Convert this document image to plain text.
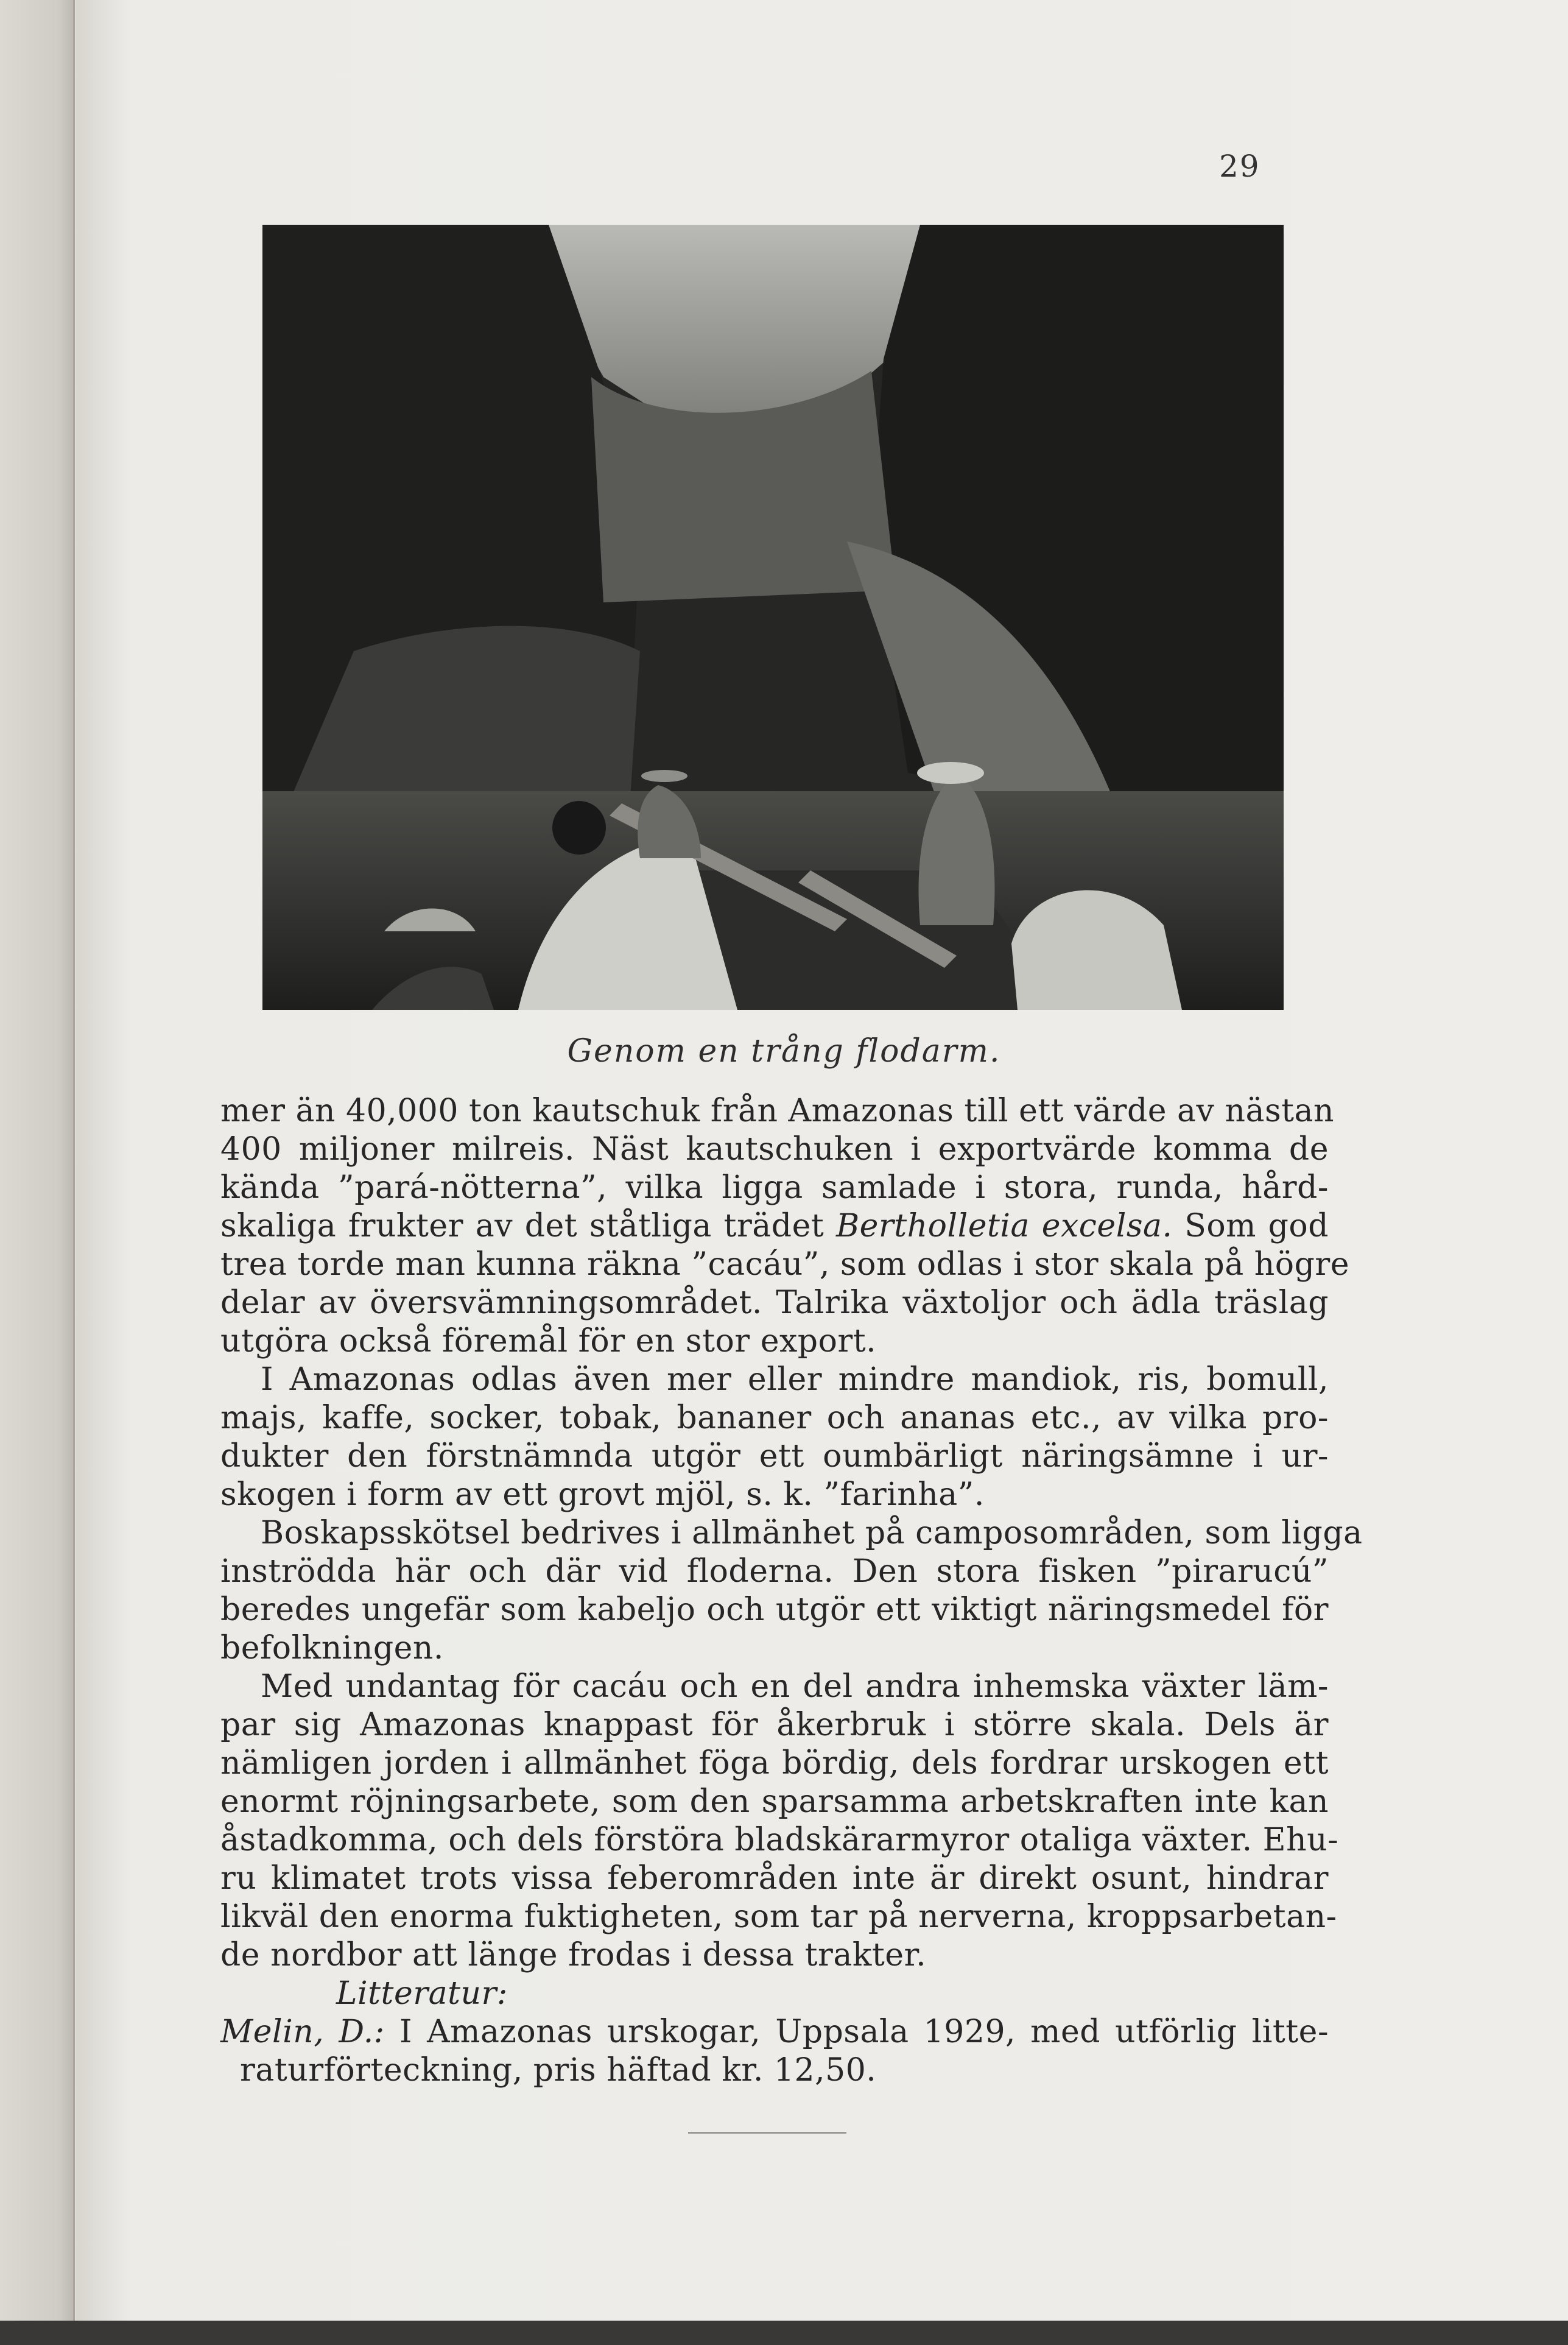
29
Genom en trång flodarm.
mer än 40,000 ton kautschuk från Amazonas till ett värde av nästan
400 miljoner milreis. Näst kautschuken i exportvärde komma de
kända ”pará-nötterna”, vilka ligga samlade i stora, runda, hård-
skaliga frukter av det ståtliga trädet Bertholletia excelsa. Som god
trea torde man kunna räkna ”cacáu”, som odlas i stor skala på högre
delar av översvämningsområdet. Talrika växtoljor och ädla träslag
utgöra också föremål för en stor export.
I Amazonas odlas även mer eller mindre mandiok, ris, bomull,
majs, kaffe, socker, tobak, bananer och ananas etc., av vilka pro-
dukter den förstnämnda utgör ett oumbärligt näringsämne i ur-
skogen i form av ett grovt mjöl, s. k. ”farinha”.
Boskapsskötsel bedrives i allmänhet på camposområden, som ligga
inströdda här och där vid floderna. Den stora fisken ”pirarucú”
beredes ungefär som kabeljo och utgör ett viktigt näringsmedel för
befolkningen.
Med undantag för cacáu och en del andra inhemska växter läm-
par sig Amazonas knappast för åkerbruk i större skala. Dels är
nämligen jorden i allmänhet föga bördig, dels fordrar urskogen ett
enormt röjningsarbete, som den sparsamma arbetskraften inte kan
åstadkomma, och dels förstöra bladskärarmyror otaliga växter. Ehu-
ru klimatet trots vissa feberområden inte är direkt osunt, hindrar
likväl den enorma fuktigheten, som tar på nerverna, kroppsarbetan-
de nordbor att länge frodas i dessa trakter.
Litteratur:
Melin, D.: I Amazonas urskogar, Uppsala 1929, med utförlig litte-
raturförteckning, pris häftad kr. 12,50.
